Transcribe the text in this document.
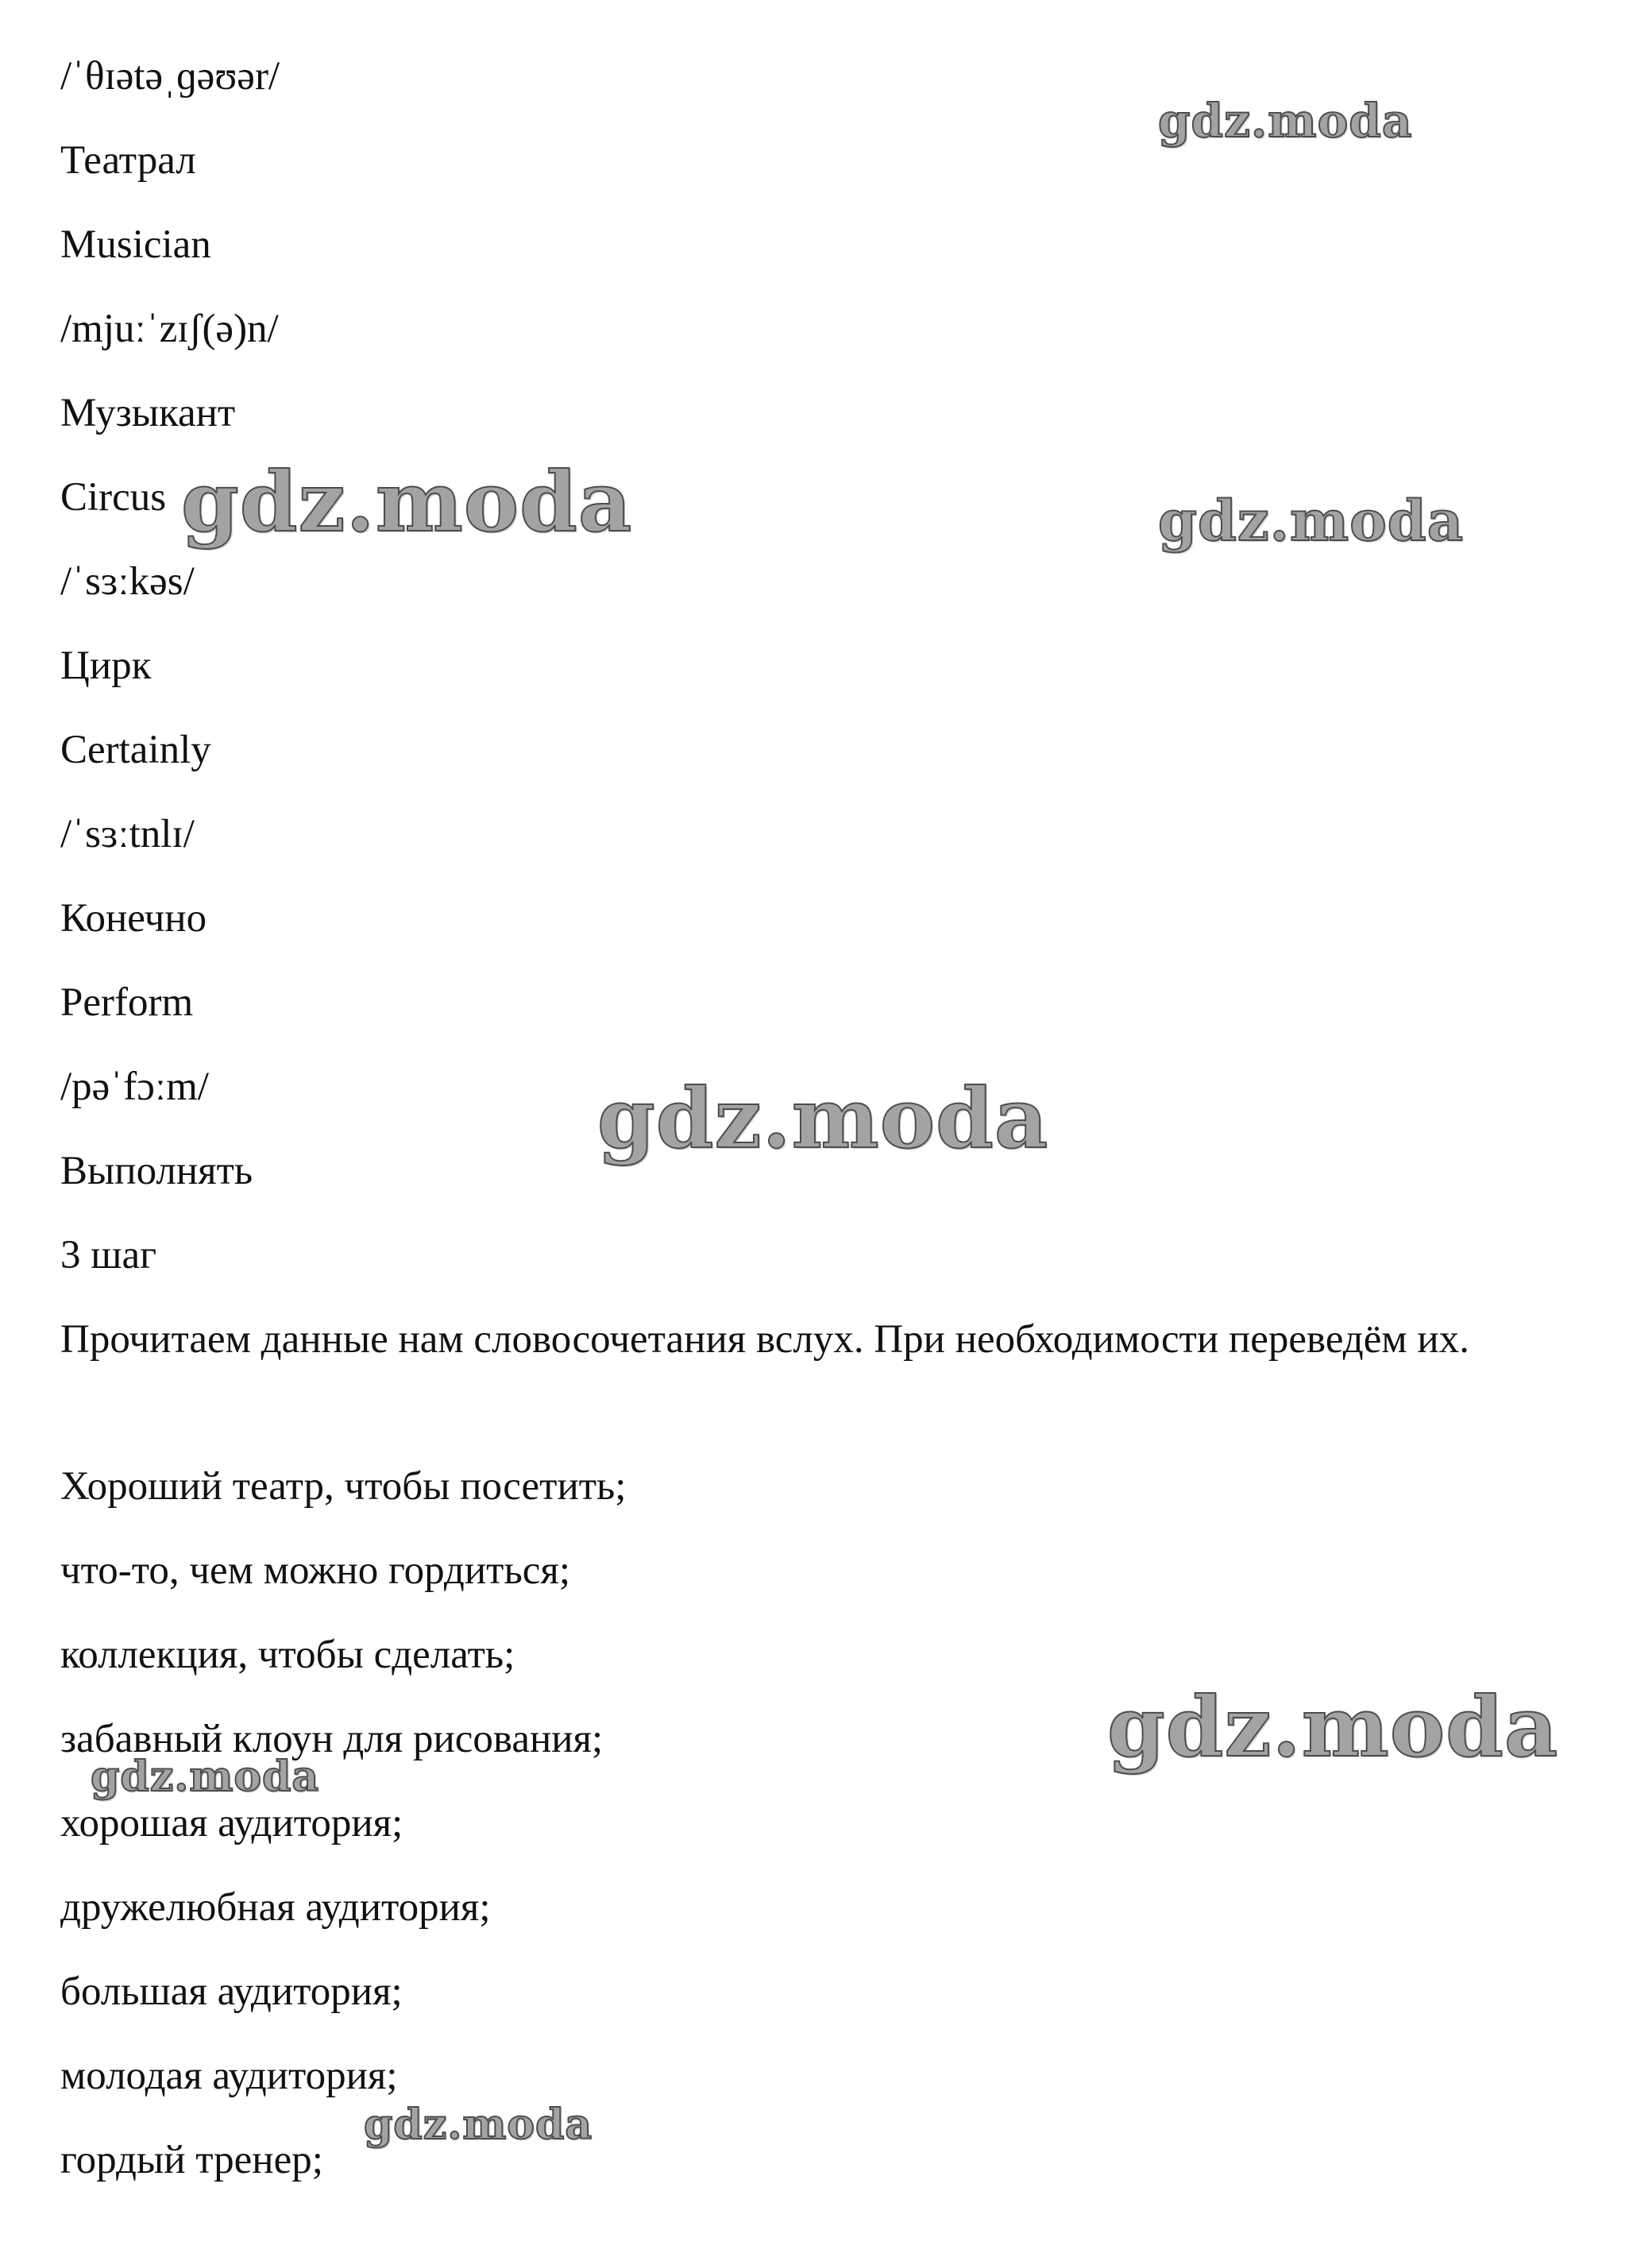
/ˈθɪətəˌɡəʊər/
Театрал
Musician
/mjuːˈzɪʃ(ə)n/
Музыкант
Circus
/ˈsɜːkəs/
Цирк
Certainly
/ˈsɜːtnlɪ/
Конечно
Perform
/pəˈfɔːm/
Выполнять
3 шаг
Прочитаем данные нам словосочетания вслух. При необходимости переведём их.
Хороший театр, чтобы посетить;
что-то, чем можно гордиться;
коллекция, чтобы сделать;
забавный клоун для рисования;
хорошая аудитория;
дружелюбная аудитория;
большая аудитория;
молодая аудитория;
гордый тренер;
gdz.moda
gdz.moda	gdz.moda
gdz.moda
gdz.moda
gdz.moda
gdz.moda
